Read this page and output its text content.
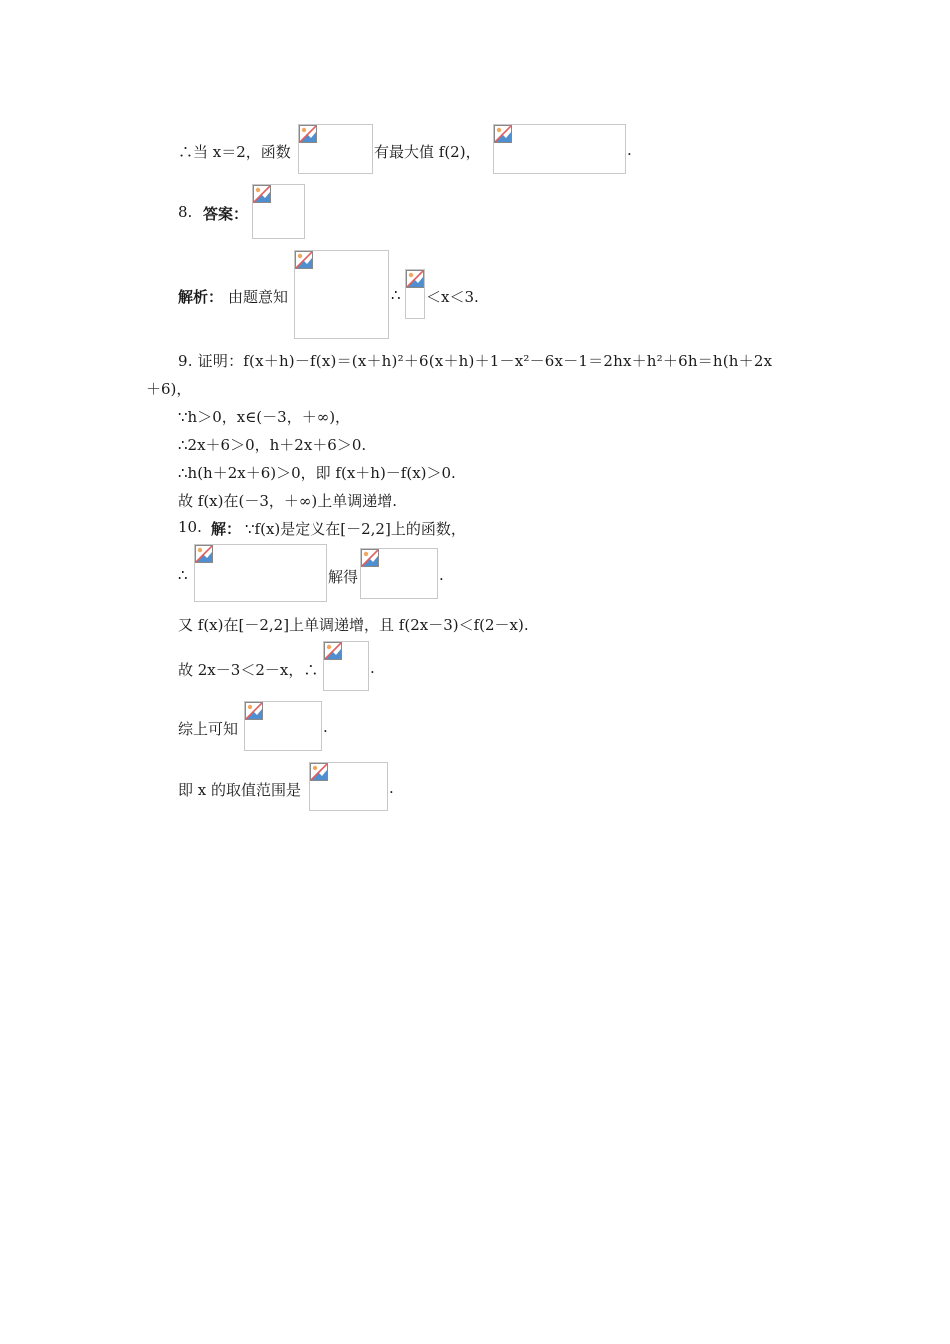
∴当 x＝2，函数	有最大值 f(2)，	.
8. 答案：
解析： 由题意知	∴ ＜x＜3.
9. 证明：f(x＋h)－f(x)＝(x＋h)²＋6(x＋h)＋1－x²－6x－1＝2hx＋h²＋6h＝h(h＋2x
＋6)，
∵h＞0，x∈(－3，＋∞)，
∴2x＋6＞0，h＋2x＋6＞0.
∴h(h＋2x＋6)＞0，即 f(x＋h)－f(x)＞0.
故 f(x)在(－3，＋∞)上单调递增.
10. 解： ∵f(x)是定义在[－2,2]上的函数，
∴	解得	.
又 f(x)在[－2,2]上单调递增，且 f(2x－3)＜f(2－x).
故 2x－3＜2－x，∴	.
综上可知	.
即 x 的取值范围是	.
